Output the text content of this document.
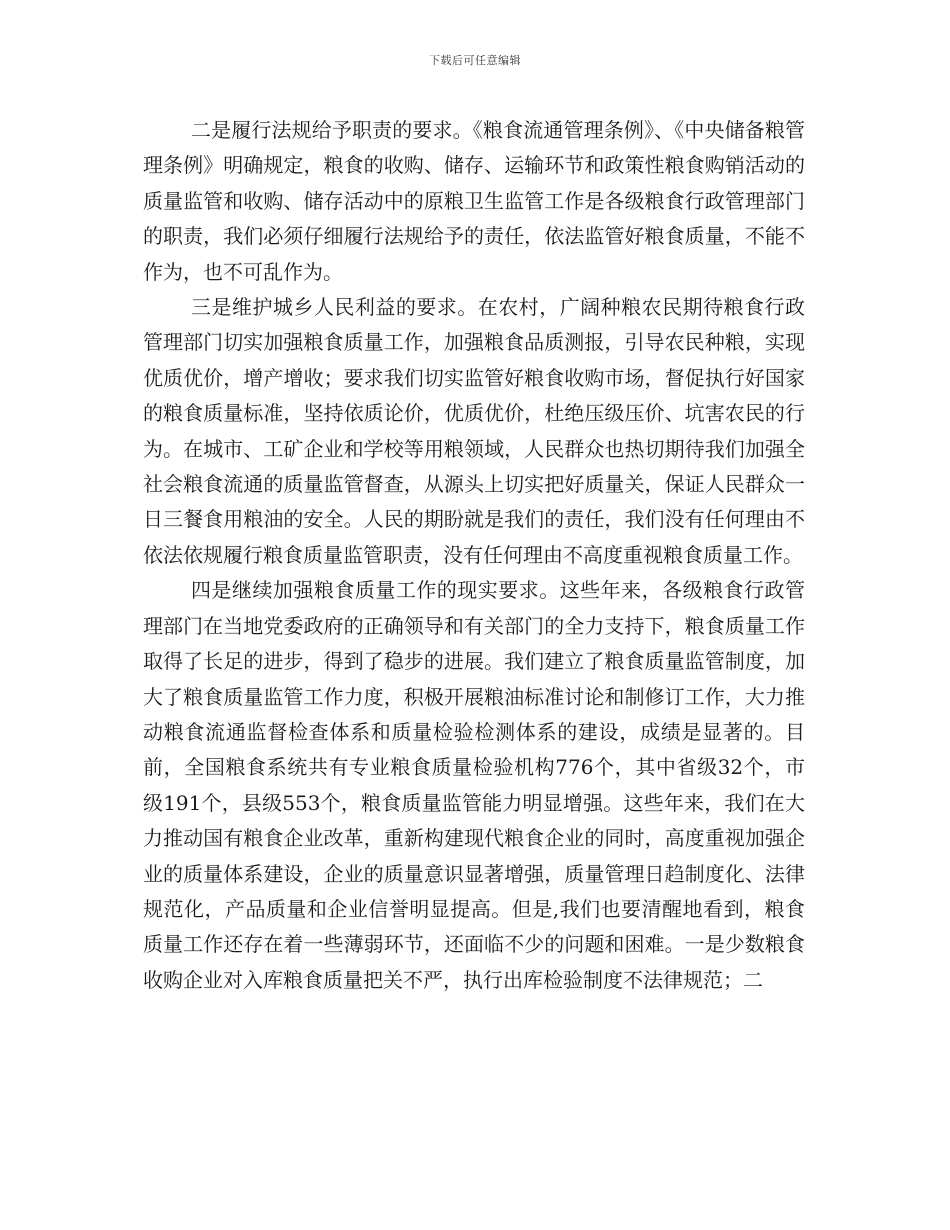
下载后可任意编辑

二是履行法规给予职责的要求。《粮食流通管理条例》、《中央储备粮管理条例》明确规定，粮食的收购、储存、运输环节和政策性粮食购销活动的质量监管和收购、储存活动中的原粮卫生监管工作是各级粮食行政管理部门的职责，我们必须仔细履行法规给予的责任，依法监管好粮食质量，不能不作为，也不可乱作为。

三是维护城乡人民利益的要求。在农村，广阔种粮农民期待粮食行政管理部门切实加强粮食质量工作，加强粮食品质测报，引导农民种粮，实现优质优价，增产增收；要求我们切实监管好粮食收购市场，督促执行好国家的粮食质量标准，坚持依质论价，优质优价，杜绝压级压价、坑害农民的行为。在城市、工矿企业和学校等用粮领域，人民群众也热切期待我们加强全社会粮食流通的质量监管督查，从源头上切实把好质量关，保证人民群众一日三餐食用粮油的安全。人民的期盼就是我们的责任，我们没有任何理由不依法依规履行粮食质量监管职责，没有任何理由不高度重视粮食质量工作。

四是继续加强粮食质量工作的现实要求。这些年来，各级粮食行政管理部门在当地党委政府的正确领导和有关部门的全力支持下，粮食质量工作取得了长足的进步，得到了稳步的进展。我们建立了粮食质量监管制度，加大了粮食质量监管工作力度，积极开展粮油标准讨论和制修订工作，大力推动粮食流通监督检查体系和质量检验检测体系的建设，成绩是显著的。目前，全国粮食系统共有专业粮食质量检验机构776个，其中省级32个，市级191个，县级553个，粮食质量监管能力明显增强。这些年来，我们在大力推动国有粮食企业改革，重新构建现代粮食企业的同时，高度重视加强企业的质量体系建设，企业的质量意识显著增强，质量管理日趋制度化、法律规范化，产品质量和企业信誉明显提高。但是,我们也要清醒地看到，粮食质量工作还存在着一些薄弱环节，还面临不少的问题和困难。一是少数粮食收购企业对入库粮食质量把关不严，执行出库检验制度不法律规范；二
